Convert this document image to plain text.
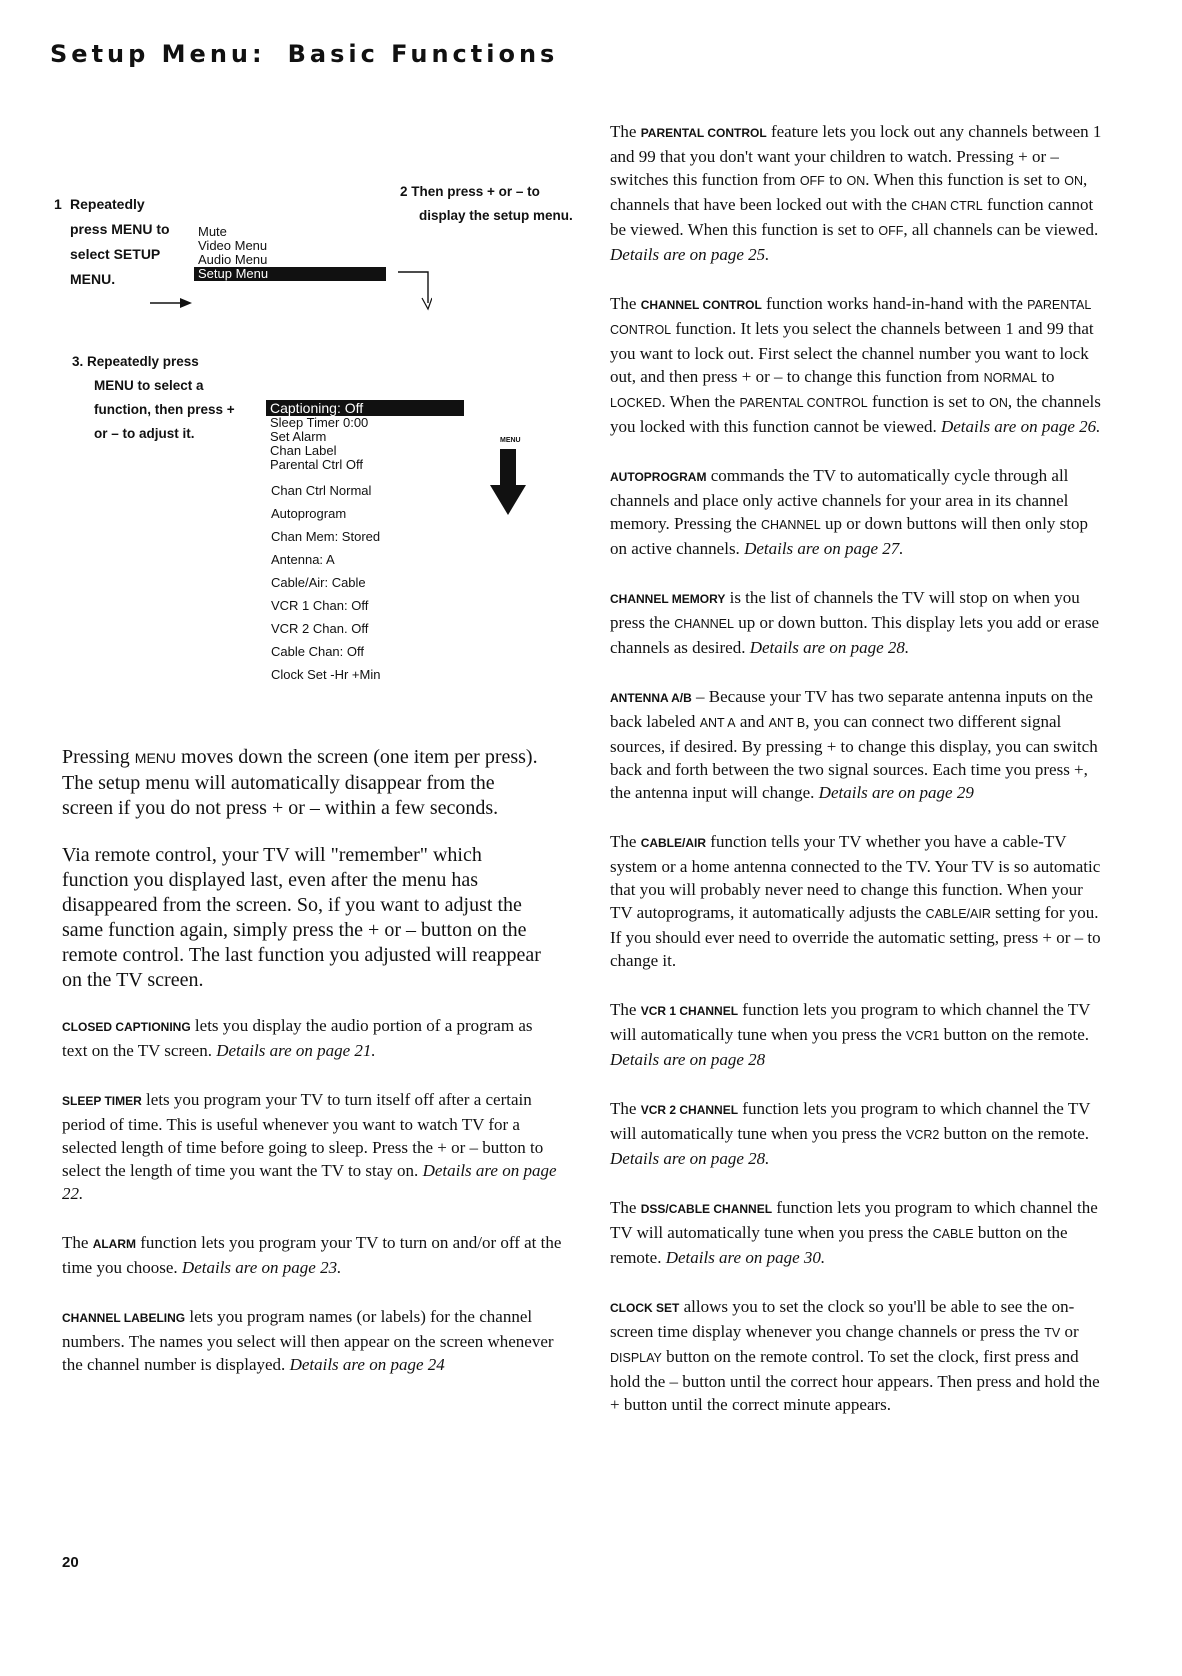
Setup Menu: Basic Functions
1 Repeatedly
press MENU to
select SETUP
MENU.
Mute
Video Menu
Audio Menu
Setup Menu
2 Then press + or – to
display the setup menu.
3. Repeatedly press
MENU to select a
function, then press +
or – to adjust it.
Captioning: Off
Sleep Timer 0:00
Set Alarm
Chan Label
Parental Ctrl Off
Chan Ctrl Normal
Autoprogram
Chan Mem: Stored
Antenna: A
Cable/Air: Cable
VCR 1 Chan: Off
VCR 2 Chan. Off
Cable Chan: Off
Clock Set -Hr +Min
MENU

Pressing MENU moves down the screen (one item per press). The setup menu will automatically disappear from the screen if you do not press + or – within a few seconds.

Via remote control, your TV will "remember" which function you displayed last, even after the menu has disappeared from the screen. So, if you want to adjust the same function again, simply press the + or – button on the remote control. The last function you adjusted will reappear on the TV screen.

CLOSED CAPTIONING lets you display the audio portion of a program as text on the TV screen. Details are on page 21.

SLEEP TIMER lets you program your TV to turn itself off after a certain period of time. This is useful whenever you want to watch TV for a selected length of time before going to sleep. Press the + or – button to select the length of time you want the TV to stay on. Details are on page 22.

The ALARM function lets you program your TV to turn on and/or off at the time you choose. Details are on page 23.

CHANNEL LABELING lets you program names (or labels) for the channel numbers. The names you select will then appear on the screen whenever the channel number is displayed. Details are on page 24

The PARENTAL CONTROL feature lets you lock out any channels between 1 and 99 that you don't want your children to watch. Pressing + or – switches this function from OFF to ON. When this function is set to ON, channels that have been locked out with the CHAN CTRL function cannot be viewed. When this function is set to OFF, all channels can be viewed. Details are on page 25.

The CHANNEL CONTROL function works hand-in-hand with the PARENTAL CONTROL function. It lets you select the channels between 1 and 99 that you want to lock out. First select the channel number you want to lock out, and then press + or – to change this function from NORMAL to LOCKED. When the PARENTAL CONTROL function is set to ON, the channels you locked with this function cannot be viewed. Details are on page 26.

AUTOPROGRAM commands the TV to automatically cycle through all channels and place only active channels for your area in its channel memory. Pressing the CHANNEL up or down buttons will then only stop on active channels. Details are on page 27.

CHANNEL MEMORY is the list of channels the TV will stop on when you press the CHANNEL up or down button. This display lets you add or erase channels as desired. Details are on page 28.

ANTENNA A/B – Because your TV has two separate antenna inputs on the back labeled ANT A and ANT B, you can connect two different signal sources, if desired. By pressing + to change this display, you can switch back and forth between the two signal sources. Each time you press +, the antenna input will change. Details are on page 29

The CABLE/AIR function tells your TV whether you have a cable-TV system or a home antenna connected to the TV. Your TV is so automatic that you will probably never need to change this function. When your TV autoprograms, it automatically adjusts the CABLE/AIR setting for you. If you should ever need to override the automatic setting, press + or – to change it.

The VCR 1 CHANNEL function lets you program to which channel the TV will automatically tune when you press the VCR1 button on the remote. Details are on page 28

The VCR 2 CHANNEL function lets you program to which channel the TV will automatically tune when you press the VCR2 button on the remote. Details are on page 28.

The DSS/CABLE CHANNEL function lets you program to which channel the TV will automatically tune when you press the CABLE button on the remote. Details are on page 30.

CLOCK SET allows you to set the clock so you'll be able to see the on-screen time display whenever you change channels or press the TV or DISPLAY button on the remote control. To set the clock, first press and hold the – button until the correct hour appears. Then press and hold the + button until the correct minute appears.

20
